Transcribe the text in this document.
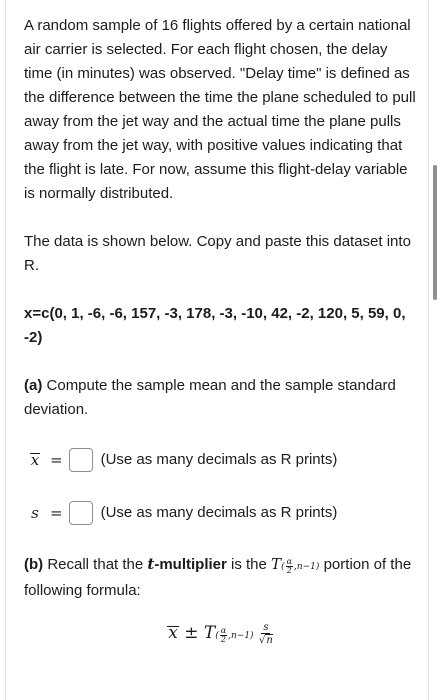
A random sample of 16 flights offered by a certain national air carrier is selected. For each flight chosen, the delay time (in minutes) was observed. "Delay time" is defined as the difference between the time the plane scheduled to pull away from the jet way and the actual time the plane pulls away from the jet way, with positive values indicating that the flight is late. For now, assume this flight-delay variable is normally distributed.

The data is shown below. Copy and paste this dataset into R.

x=c(0, 1, -6, -6, 157, -3, 178, -3, -10, 42, -2, 120, 5, 59, 0, -2)

(a) Compute the sample mean and the sample standard deviation.

x =	(Use as many decimals as R prints)
s =	(Use as many decimals as R prints)

(b) Recall that the t-multiplier is the $T( \frac{\alpha}{2} ,n-1)$ portion of the following formula:

$x \pm T( \frac{\alpha}{2} ,n-1) \frac{s}{√n}$
